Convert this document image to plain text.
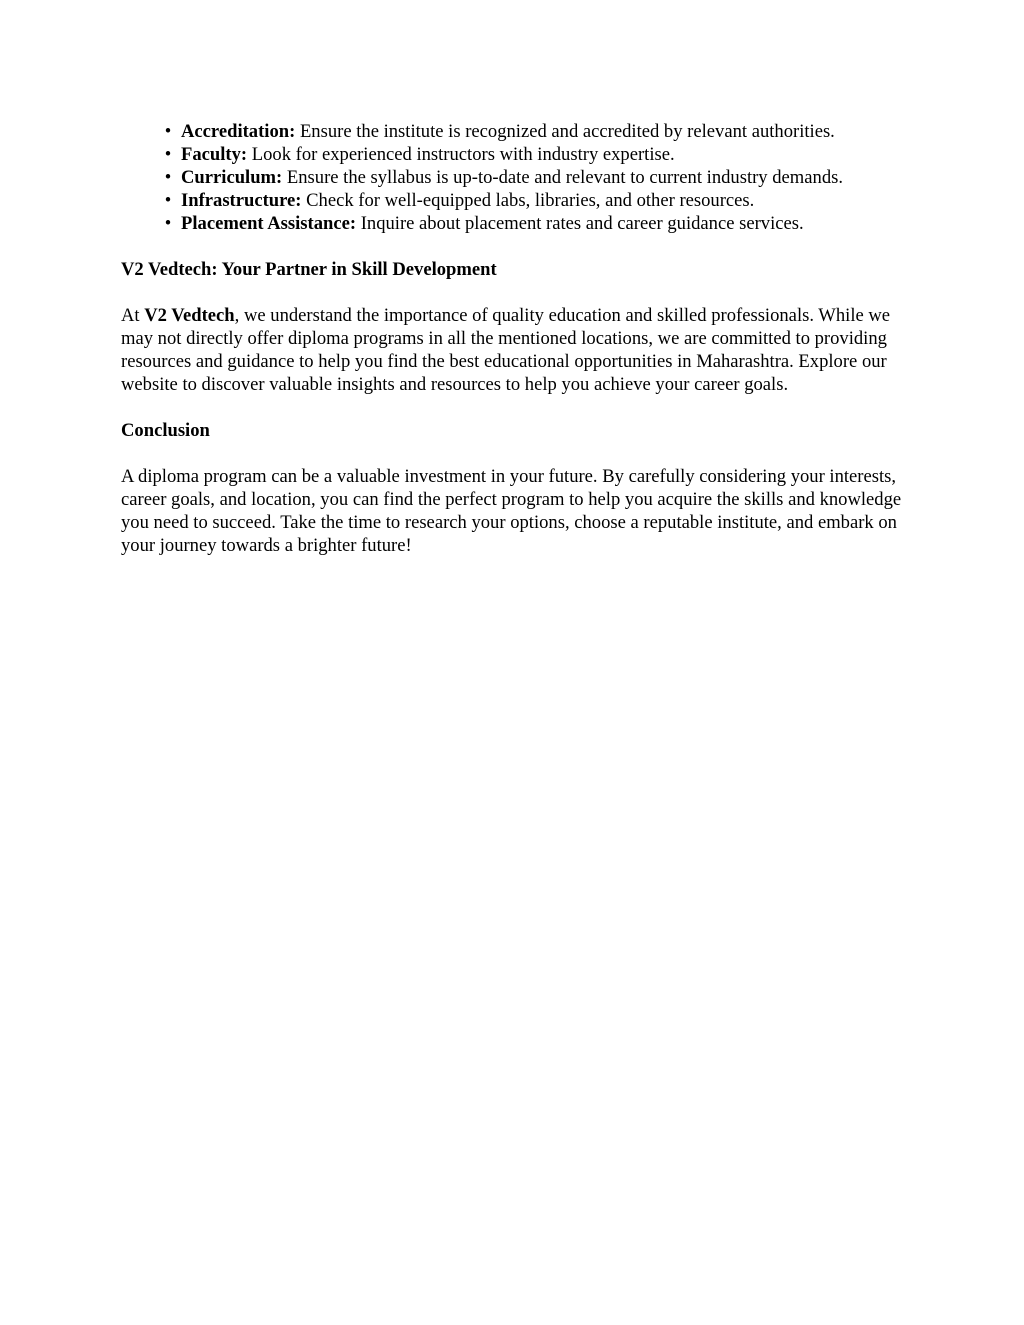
• Accreditation: Ensure the institute is recognized and accredited by relevant authorities.
• Faculty: Look for experienced instructors with industry expertise.
• Curriculum: Ensure the syllabus is up-to-date and relevant to current industry demands.
• Infrastructure: Check for well-equipped labs, libraries, and other resources.
• Placement Assistance: Inquire about placement rates and career guidance services.
V2 Vedtech: Your Partner in Skill Development

At V2 Vedtech, we understand the importance of quality education and skilled professionals. While we may not directly offer diploma programs in all the mentioned locations, we are committed to providing resources and guidance to help you find the best educational opportunities in Maharashtra. Explore our website to discover valuable insights and resources to help you achieve your career goals.

Conclusion

A diploma program can be a valuable investment in your future. By carefully considering your interests, career goals, and location, you can find the perfect program to help you acquire the skills and knowledge you need to succeed. Take the time to research your options, choose a reputable institute, and embark on your journey towards a brighter future!
